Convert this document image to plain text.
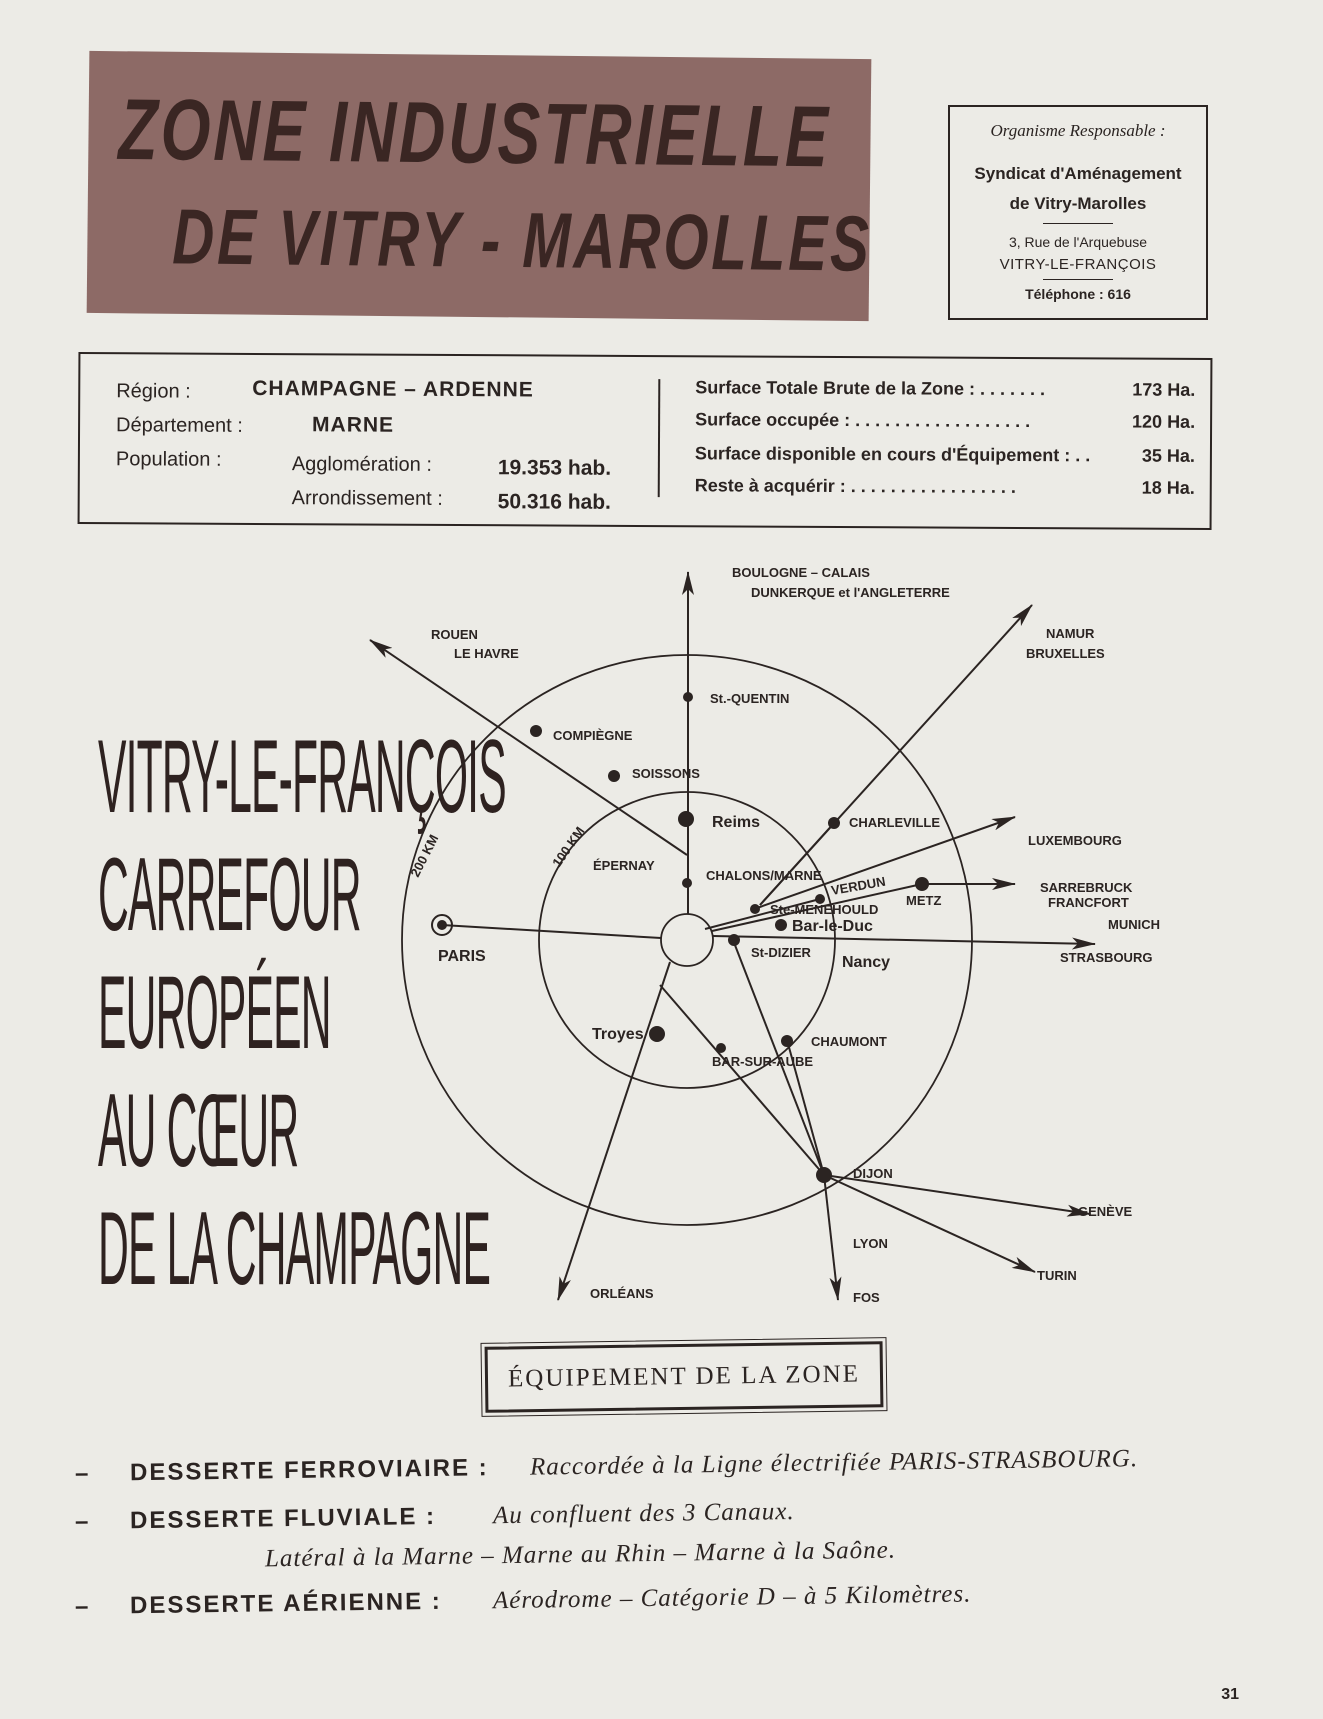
ZONE INDUSTRIELLE

DE VITRY - MAROLLES

Organisme Responsable :
Syndicat d'Aménagement
de Vitry-Marolles
3, Rue de l'Arquebuse
VITRY-LE-FRANÇOIS
Téléphone : 616
Région :	CHAMPAGNE – ARDENNE
Département :	MARNE
Population :	Agglomération :	19.353 hab.
Arrondissement :	50.316 hab.
Surface Totale Brute de la Zone : . . . . . . .	173 Ha.
Surface occupée : . . . . . . . . . . . . . . . . . .	120 Ha.
Surface disponible en cours d'Équipement : . .	35 Ha.
Reste à acquérir : . . . . . . . . . . . . . . . . .	18 Ha.

VITRY-LE-FRANÇOIS

CARREFOUR

EUROPÉEN

AU CŒUR

DE LA CHAMPAGNE

200 KM	100 KM
BOULOGNE – CALAIS
DUNKERQUE et l'ANGLETERRE
ROUEN
LE HAVRE
NAMUR
BRUXELLES
St.-QUENTIN
COMPIÈGNE
SOISSONS
Reims	CHARLEVILLE
LUXEMBOURG
ÉPERNAY
CHALONS/MARNE VERDUN
METZ
SARREBRUCK
FRANCFORT
MUNICH
STRASBOURG
Ste-MENEHOULD
Bar-le-Duc
Nancy
St-DIZIER
PARIS
Troyes	CHAUMONT
BAR-SUR-AUBE
DIJON
GENÈVE
LYON
TURIN
FOS
ORLÉANS
ÉQUIPEMENT DE LA ZONE
– DESSERTE FERROVIAIRE : Raccordée à la Ligne électrifiée PARIS-STRASBOURG.
– DESSERTE FLUVIALE : Au confluent des 3 Canaux.
Latéral à la Marne – Marne au Rhin – Marne à la Saône.
– DESSERTE AÉRIENNE : Aérodrome – Catégorie D – à 5 Kilomètres.
31
